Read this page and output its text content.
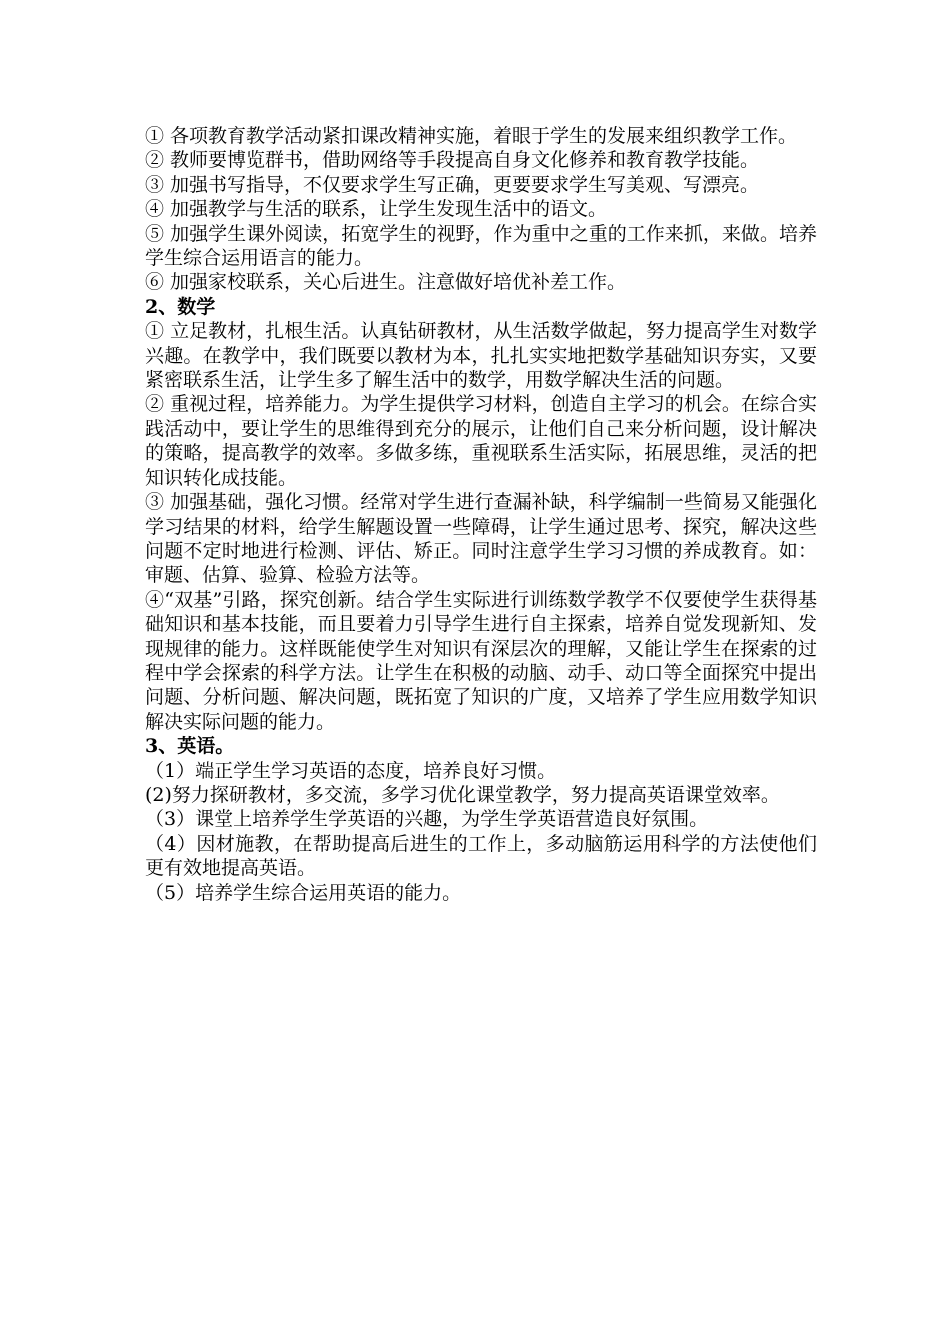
① 各项教育教学活动紧扣课改精神实施，着眼于学生的发展来组织教学工作。

② 教师要博览群书，借助网络等手段提高自身文化修养和教育教学技能。

③ 加强书写指导，不仅要求学生写正确，更要要求学生写美观、写漂亮。

④ 加强教学与生活的联系，让学生发现生活中的语文。

⑤ 加强学生课外阅读，拓宽学生的视野，作为重中之重的工作来抓，来做。培养学生综合运用语言的能力。

⑥ 加强家校联系，关心后进生。注意做好培优补差工作。

2、数学

① 立足教材，扎根生活。认真钻研教材，从生活数学做起，努力提高学生对数学兴趣。在教学中，我们既要以教材为本，扎扎实实地把数学基础知识夯实，又要紧密联系生活，让学生多了解生活中的数学，用数学解决生活的问题。

② 重视过程，培养能力。为学生提供学习材料，创造自主学习的机会。在综合实践活动中，要让学生的思维得到充分的展示，让他们自己来分析问题，设计解决的策略，提高教学的效率。多做多练，重视联系生活实际，拓展思维，灵活的把知识转化成技能。

③ 加强基础，强化习惯。经常对学生进行查漏补缺，科学编制一些简易又能强化学习结果的材料，给学生解题设置一些障碍，让学生通过思考、探究，解决这些问题不定时地进行检测、评估、矫正。同时注意学生学习习惯的养成教育。如：审题、估算、验算、检验方法等。

④“双基”引路，探究创新。结合学生实际进行训练数学教学不仅要使学生获得基础知识和基本技能，而且要着力引导学生进行自主探索，培养自觉发现新知、发现规律的能力。这样既能使学生对知识有深层次的理解，又能让学生在探索的过程中学会探索的科学方法。让学生在积极的动脑、动手、动口等全面探究中提出问题、分析问题、解决问题，既拓宽了知识的广度，又培养了学生应用数学知识解决实际问题的能力。

3、英语。

（1）端正学生学习英语的态度，培养良好习惯。

(2)努力探研教材，多交流，多学习优化课堂教学，努力提高英语课堂效率。

（3）课堂上培养学生学英语的兴趣，为学生学英语营造良好氛围。

（4）因材施教，在帮助提高后进生的工作上，多动脑筋运用科学的方法使他们更有效地提高英语。

（5）培养学生综合运用英语的能力。
